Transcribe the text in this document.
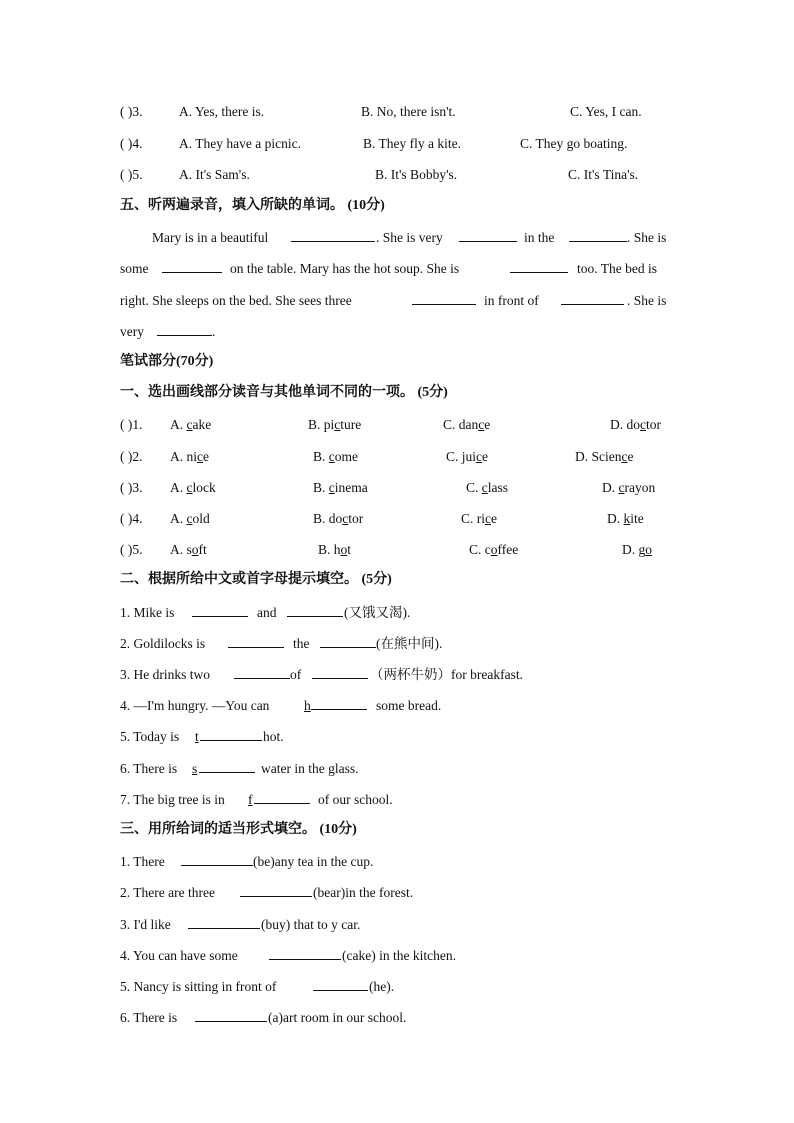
( )3.	A. Yes, there is.	B. No, there isn't.	C. Yes, I can.
( )4.	A. They have a picnic.	B. They fly a kite.	C. They go boating.
( )5.	A. It's Sam's.	B. It's Bobby's.	C. It's Tina's.
五、听两遍录音，填入所缺的单词。 (10分)
Mary is in a beautiful	. She is very	in the	. She is
some	on the table. Mary has the hot soup. She is	too. The bed is
right. She sleeps on the bed. She sees three	in front of	. She is
very	.
笔试部分(70分)
一、选出画线部分读音与其他单词不同的一项。 (5分)
( )1. A. cake	B. picture	C. dance	D. doctor
( )2. A. nice	B. come	C. juice	D. Science
( )3. A. clock	B. cinema	C. class	D. crayon
( )4. A. cold	B. doctor	C. rice	D. kite
( )5. A. soft	B. hot	C. coffee	D. go
二、根据所给中文或首字母提示填空。 (5分)
1. Mike is	and	(又饿又渴).
2. Goldilocks is	the	(在熊中间).
3. He drinks two	of	（两杯牛奶）for breakfast.
4. —I'm hungry. —You can	h	some bread.
5. Today is t	hot.
6. There is s	water in the glass.
7. The big tree is in f	of our school.
三、用所给词的适当形式填空。 (10分)
1. There	(be)any tea in the cup.
2. There are three	(bear)in the forest.
3. I'd like	(buy) that to y car.
4. You can have some	(cake) in the kitchen.
5. Nancy is sitting in front of	(he).
6. There is	(a)art room in our school.
